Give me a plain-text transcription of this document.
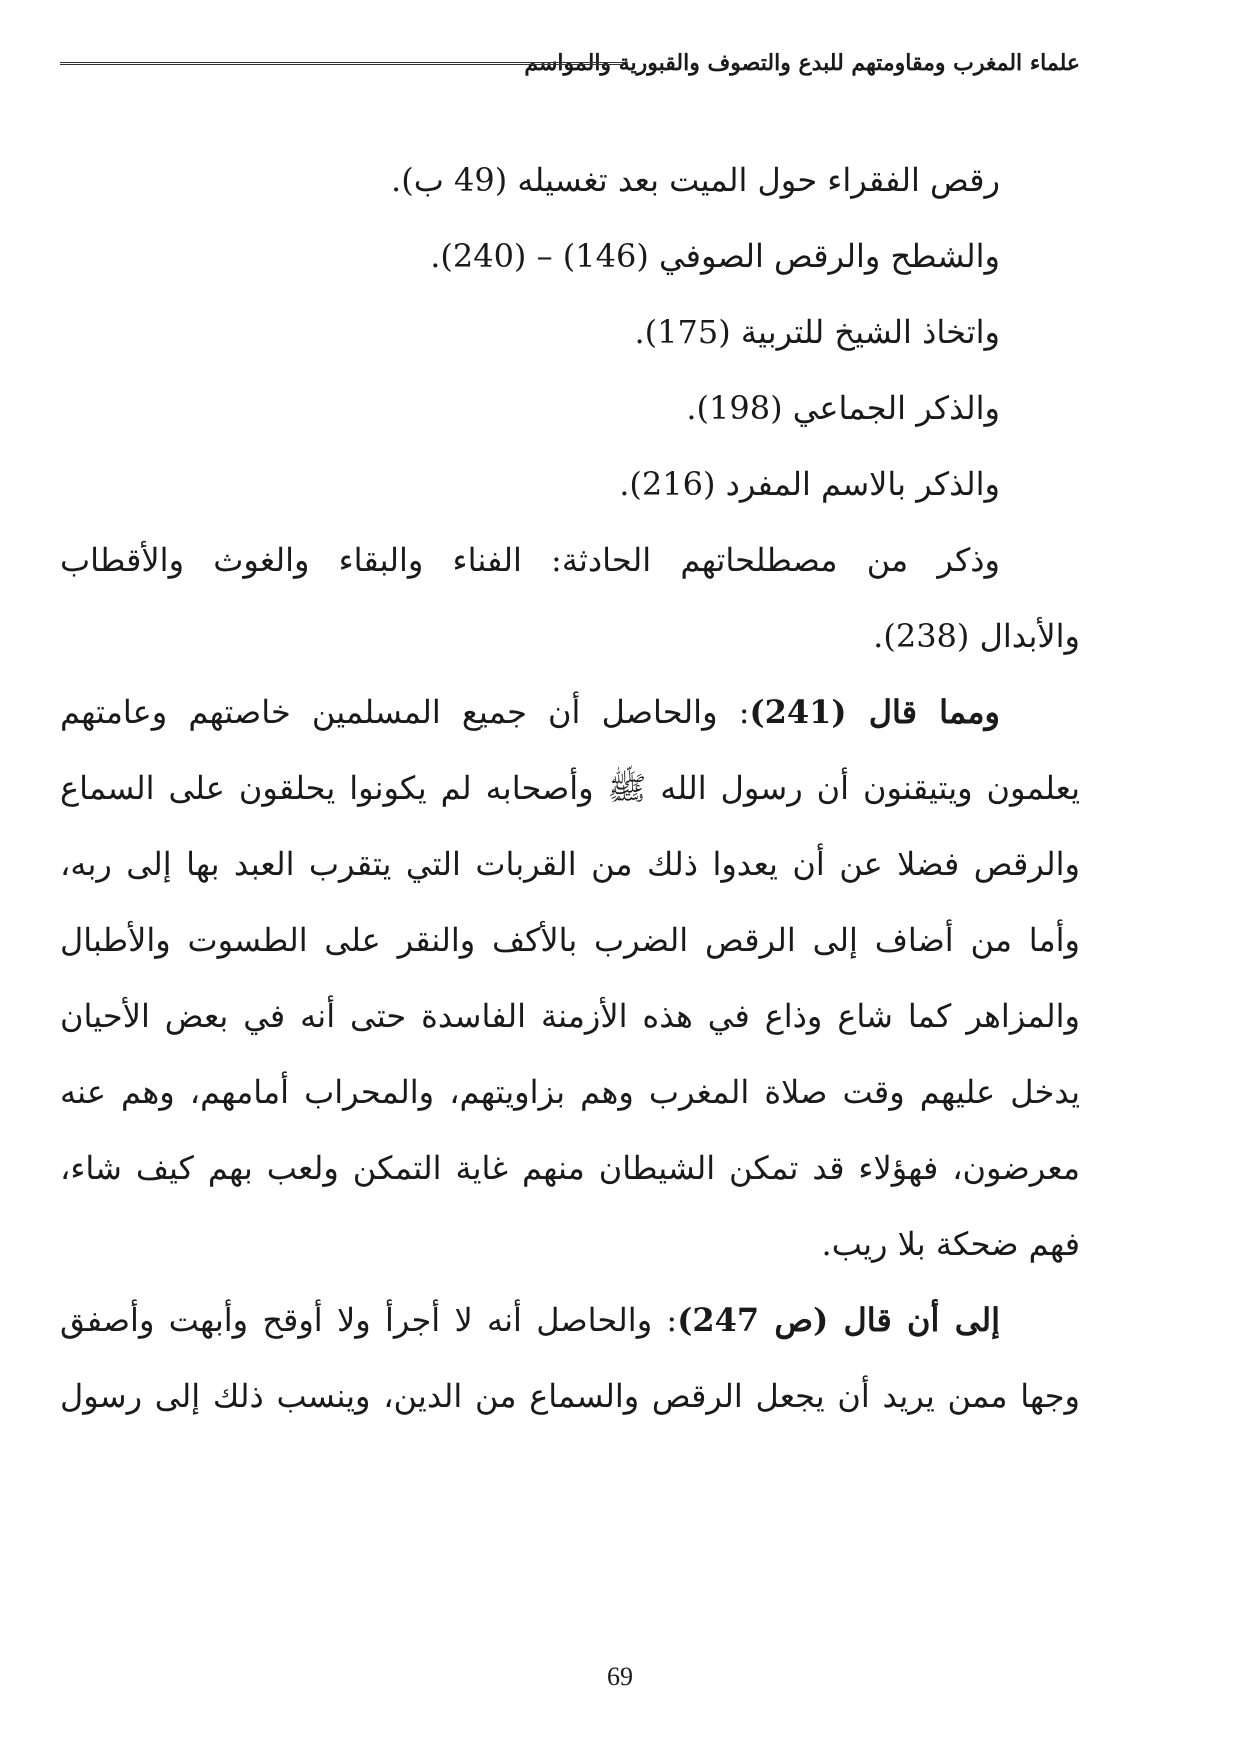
علماء المغرب ومقاومتهم للبدع والتصوف والقبورية والمواسم
رقص الفقراء حول الميت بعد تغسيله (49 ب).
والشطح والرقص الصوفي (146) – (240).
واتخاذ الشيخ للتربية (175).
والذكر الجماعي (198).
والذكر بالاسم المفرد (216).
وذكر من مصطلحاتهم الحادثة: الفناء والبقاء والغوث والأقطاب
والأبدال (238).
ومما قال (241): والحاصل أن جميع المسلمين خاصتهم وعامتهم
يعلمون ويتيقنون أن رسول الله ﷺ وأصحابه لم يكونوا يحلقون على السماع
والرقص فضلا عن أن يعدوا ذلك من القربات التي يتقرب العبد بها إلى ربه،
وأما من أضاف إلى الرقص الضرب بالأكف والنقر على الطسوت والأطبال
والمزاهر كما شاع وذاع في هذه الأزمنة الفاسدة حتى أنه في بعض الأحيان
يدخل عليهم وقت صلاة المغرب وهم بزاويتهم، والمحراب أمامهم، وهم عنه
معرضون، فهؤلاء قد تمكن الشيطان منهم غاية التمكن ولعب بهم كيف شاء،
فهم ضحكة بلا ريب.
إلى أن قال (ص 247): والحاصل أنه لا أجرأ ولا أوقح وأبهت وأصفق
وجها ممن يريد أن يجعل الرقص والسماع من الدين، وينسب ذلك إلى رسول
69
